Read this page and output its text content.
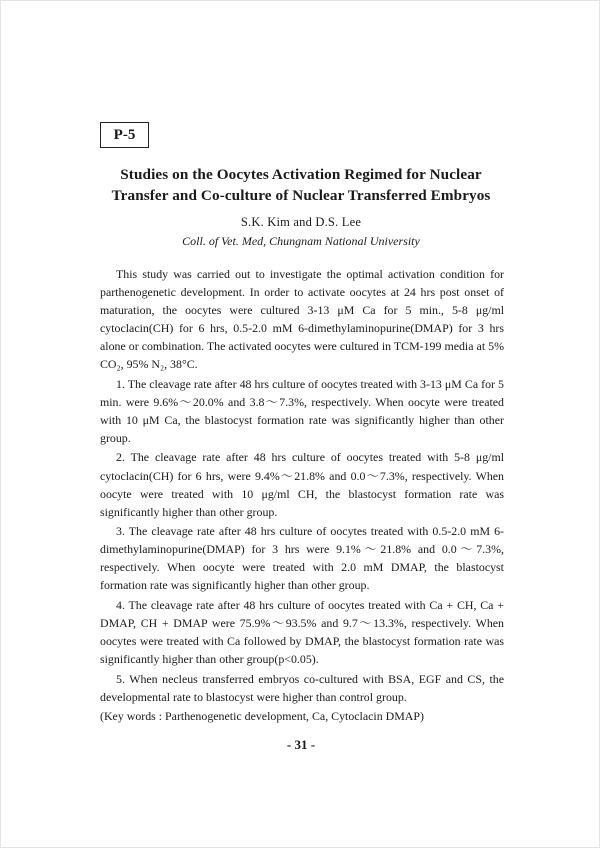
P-5
Studies on the Oocytes Activation Regimed for Nuclear
Transfer and Co-culture of Nuclear Transferred Embryos
S.K. Kim and D.S. Lee
Coll. of Vet. Med, Chungnam National University

This study was carried out to investigate the optimal activation condition for parthenogenetic development. In order to activate oocytes at 24 hrs post onset of maturation, the oocytes were cultured 3-13 μM Ca for 5 min., 5-8 μg/ml cytoclacin(CH) for 6 hrs, 0.5-2.0 mM 6-dimethylaminopurine(DMAP) for 3 hrs alone or combination. The activated oocytes were cultured in TCM-199 media at 5% CO₂, 95% N₂, 38°C.

1. The cleavage rate after 48 hrs culture of oocytes treated with 3-13 μM Ca for 5 min. were 9.6%～20.0% and 3.8～7.3%, respectively. When oocyte were treated with 10 μM Ca, the blastocyst formation rate was significantly higher than other group.

2. The cleavage rate after 48 hrs culture of oocytes treated with 5-8 μg/ml cytoclacin(CH) for 6 hrs, were 9.4%～21.8% and 0.0～7.3%, respectively. When oocyte were treated with 10 μg/ml CH, the blastocyst formation rate was significantly higher than other group.

3. The cleavage rate after 48 hrs culture of oocytes treated with 0.5-2.0 mM 6-dimethylaminopurine(DMAP) for 3 hrs were 9.1%～21.8% and 0.0～7.3%, respectively. When oocyte were treated with 2.0 mM DMAP, the blastocyst formation rate was significantly higher than other group.

4. The cleavage rate after 48 hrs culture of oocytes treated with Ca + CH, Ca + DMAP, CH + DMAP were 75.9%～93.5% and 9.7～13.3%, respectively. When oocytes were treated with Ca followed by DMAP, the blastocyst formation rate was significantly higher than other group(p<0.05).

5. When necleus transferred embryos co-cultured with BSA, EGF and CS, the developmental rate to blastocyst were higher than control group.

(Key words : Parthenogenetic development, Ca, Cytoclacin DMAP)

- 31 -
